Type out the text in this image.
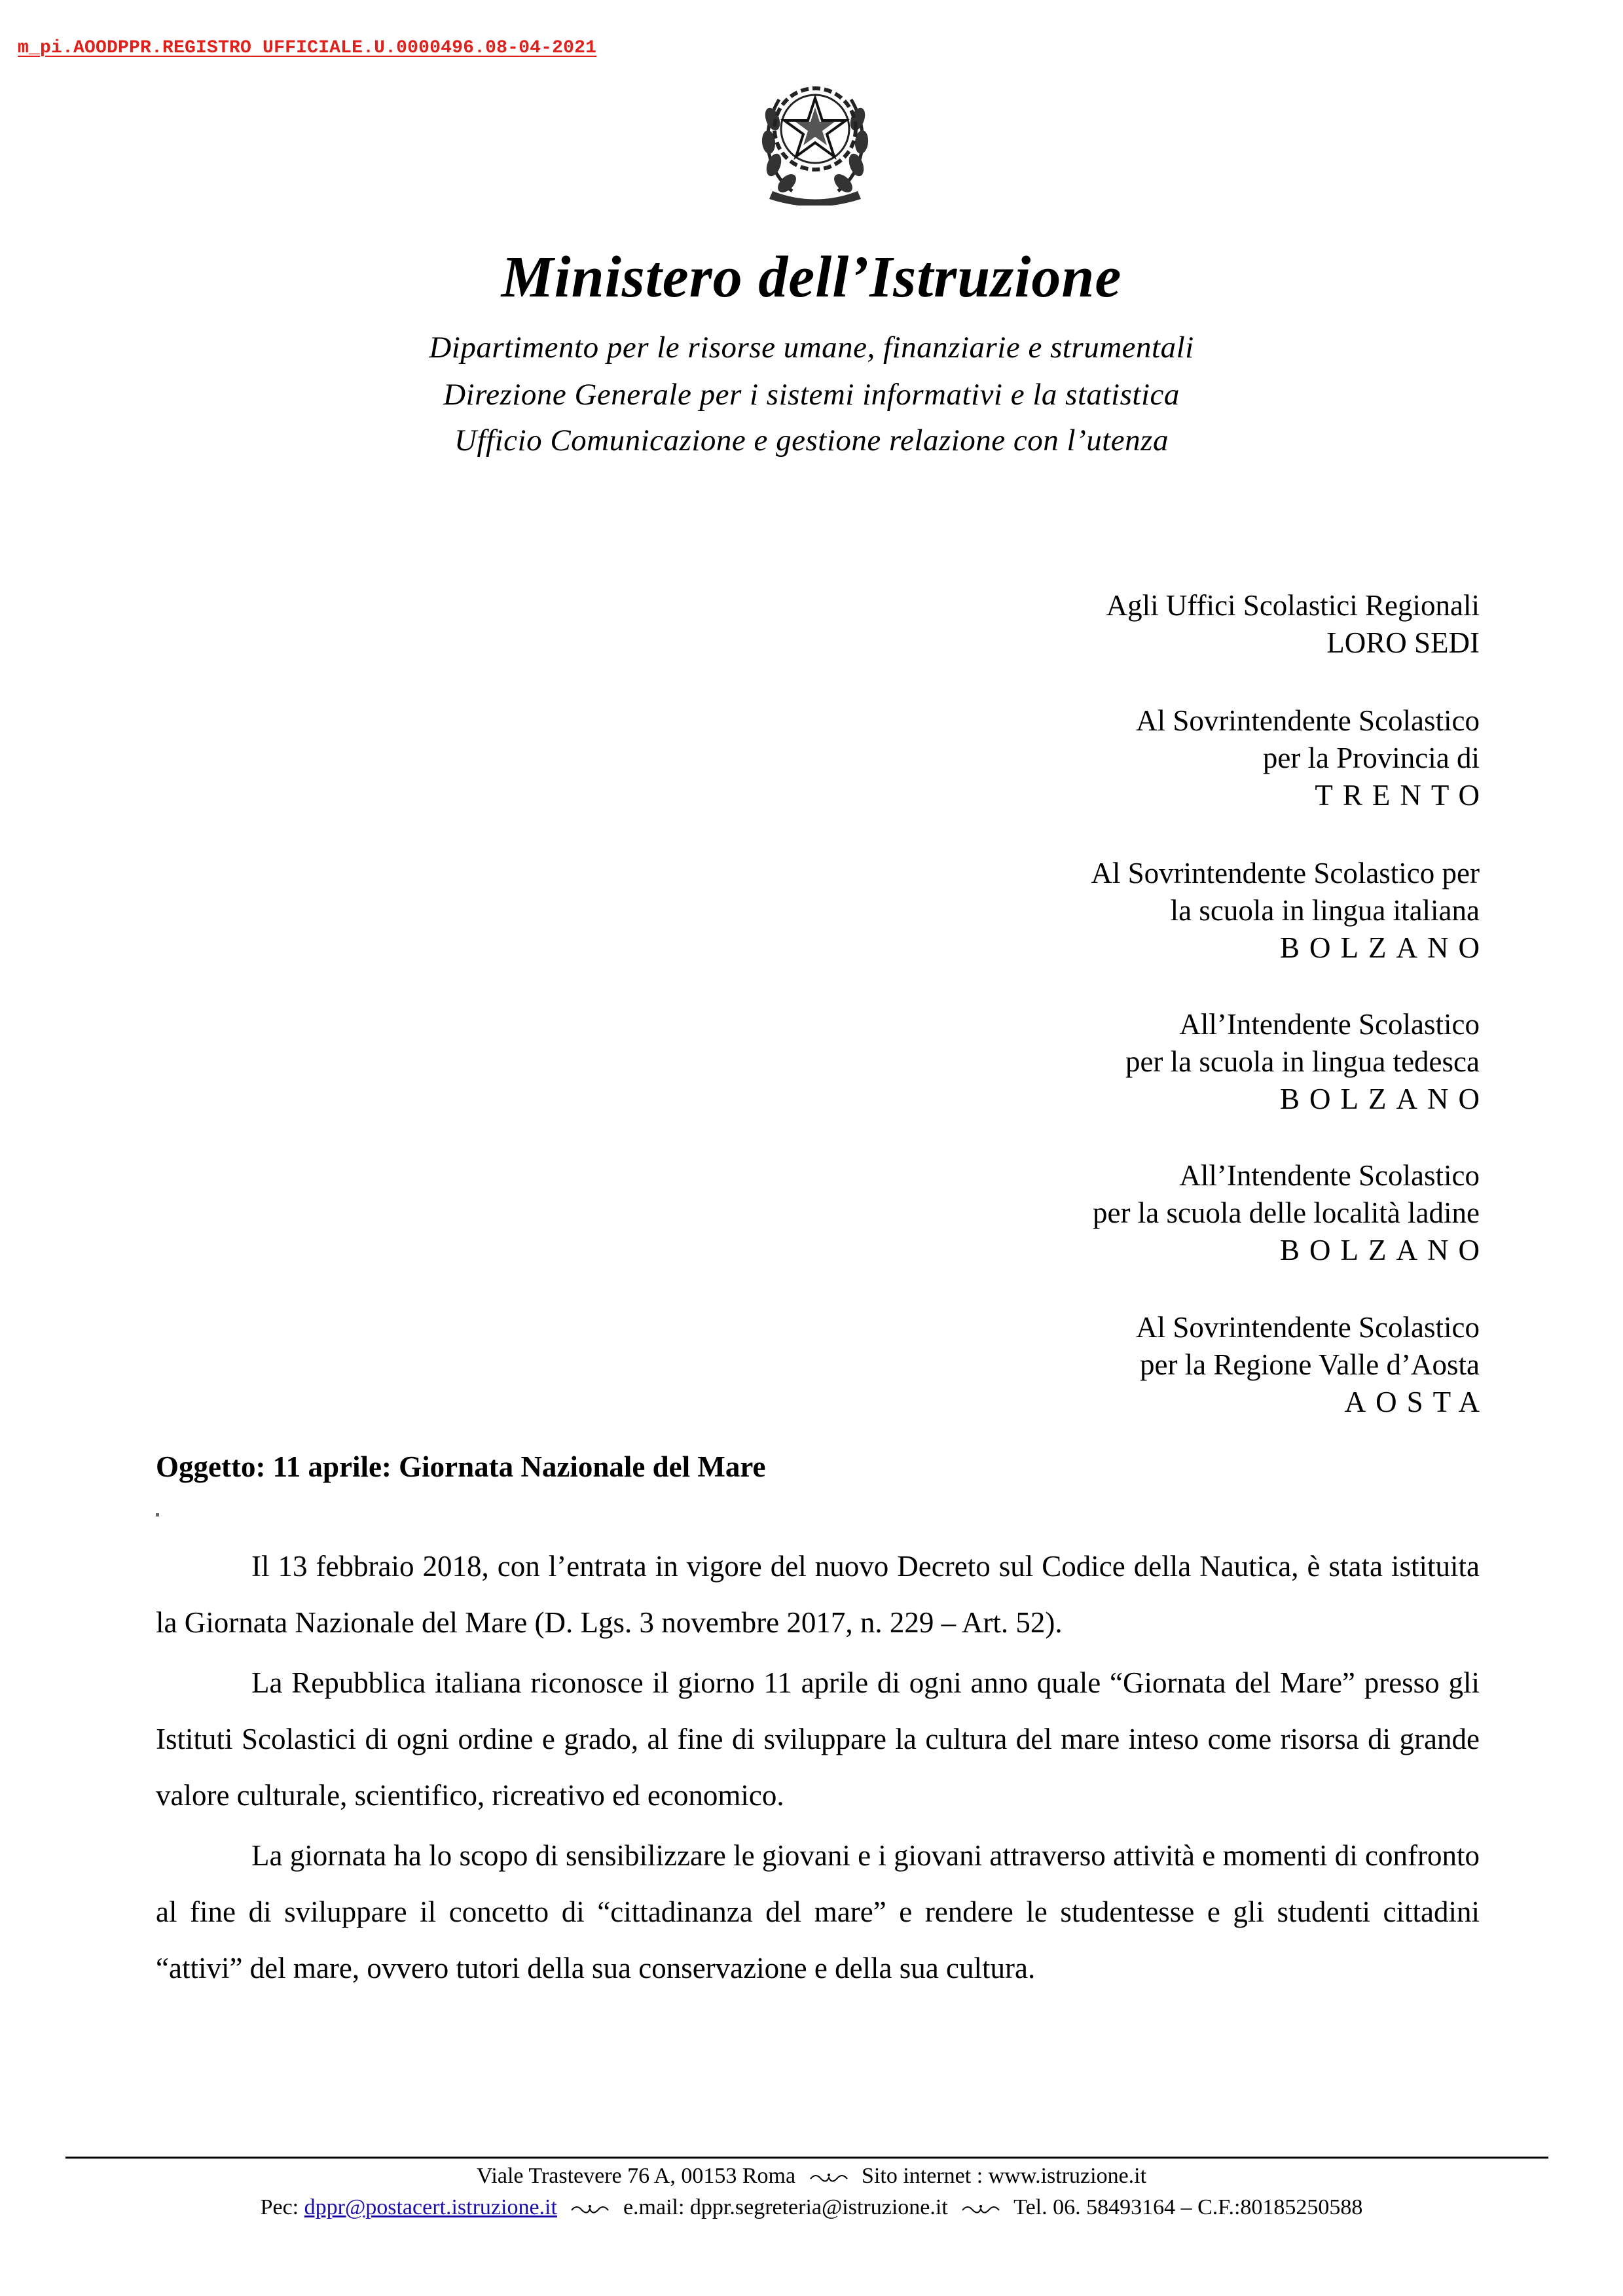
m_pi.AOODPPR.REGISTRO UFFICIALE.U.0000496.08-04-2021
Ministero dell’Istruzione
Dipartimento per le risorse umane, finanziarie e strumentali
Direzione Generale per i sistemi informativi e la statistica
Ufficio Comunicazione e gestione relazione con l’utenza
Agli Uffici Scolastici Regionali
LORO SEDI
Al Sovrintendente Scolastico
per la Provincia di
TRENTO
Al Sovrintendente Scolastico per
la scuola in lingua italiana
BOLZANO
All’Intendente Scolastico
per la scuola in lingua tedesca
BOLZANO
All’Intendente Scolastico
per la scuola delle località ladine
BOLZANO
Al Sovrintendente Scolastico
per la Regione Valle d’Aosta
AOSTA
Oggetto: 11 aprile: Giornata Nazionale del Mare

Il 13 febbraio 2018, con l’entrata in vigore del nuovo Decreto sul Codice della Nautica, è stata istituita la Giornata Nazionale del Mare (D. Lgs. 3 novembre 2017, n. 229 – Art. 52).

La Repubblica italiana riconosce il giorno 11 aprile di ogni anno quale “Giornata del Mare” presso gli Istituti Scolastici di ogni ordine e grado, al fine di sviluppare la cultura del mare inteso come risorsa di grande valore culturale, scientifico, ricreativo ed economico.

La giornata ha lo scopo di sensibilizzare le giovani e i giovani attraverso attività e momenti di confronto al fine di sviluppare il concetto di “cittadinanza del mare” e rendere le studentesse e gli studenti cittadini “attivi” del mare, ovvero tutori della sua conservazione e della sua cultura.

Viale Trastevere 76 A, 00153 Roma	Sito internet : www.istruzione.it
Pec: dppr@postacert.istruzione.it	e.mail: dppr.segreteria@istruzione.it	Tel. 06. 58493164 – C.F.:80185250588
